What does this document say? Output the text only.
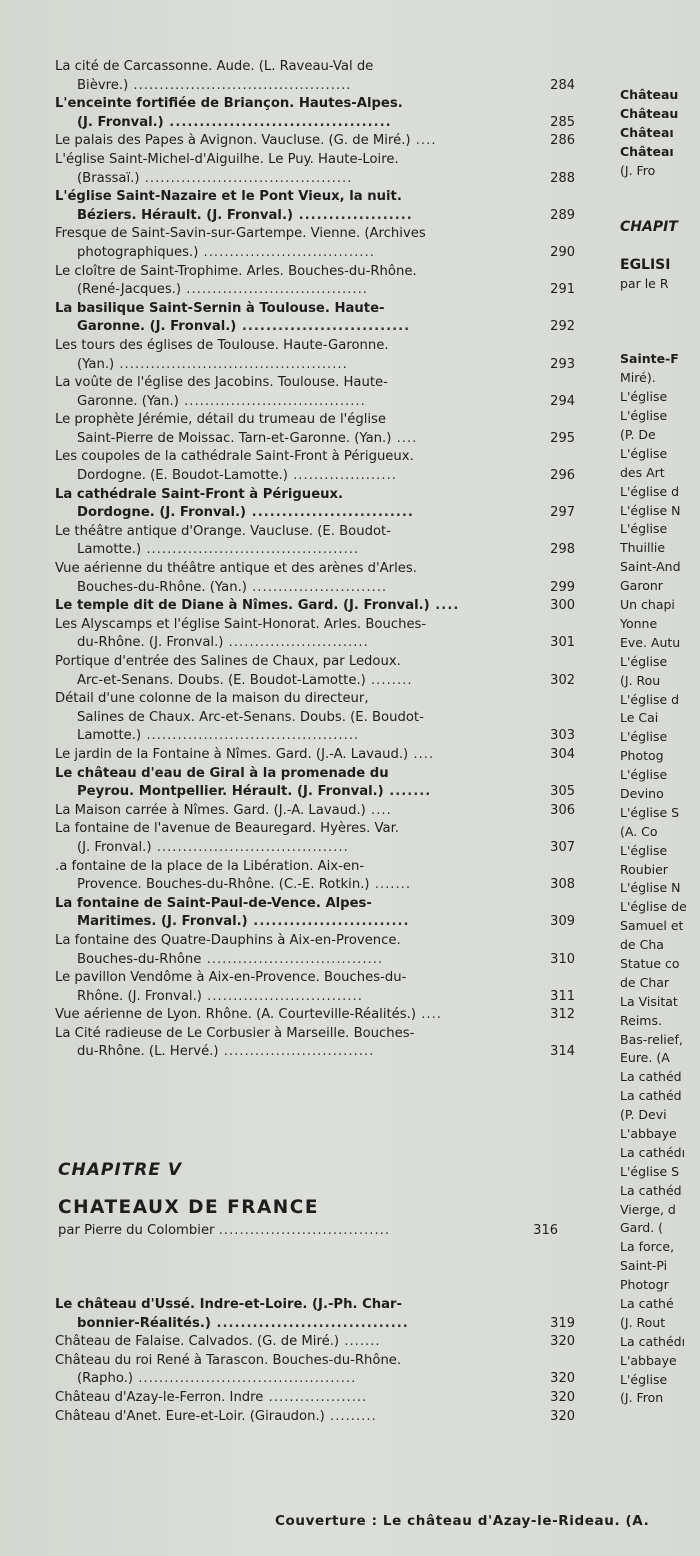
La cité de Carcassonne. Aude. (L. Raveau-Val de
Bièvre.) ..........................................	284
L'enceinte fortifiée de Briançon. Hautes-Alpes.
(J. Fronval.) .....................................	285
Le palais des Papes à Avignon. Vaucluse. (G. de Miré.) ....	286
L'église Saint-Michel-d'Aiguilhe. Le Puy. Haute-Loire.
(Brassaï.) ........................................	288
L'église Saint-Nazaire et le Pont Vieux, la nuit.
Béziers. Hérault. (J. Fronval.) ...................	289
Fresque de Saint-Savin-sur-Gartempe. Vienne. (Archives
photographiques.) .................................	290
Le cloître de Saint-Trophime. Arles. Bouches-du-Rhône.
(René-Jacques.) ...................................	291
La basilique Saint-Sernin à Toulouse. Haute-
Garonne. (J. Fronval.) ............................	292
Les tours des églises de Toulouse. Haute-Garonne.
(Yan.) ............................................	293
La voûte de l'église des Jacobins. Toulouse. Haute-
Garonne. (Yan.) ...................................	294
Le prophète Jérémie, détail du trumeau de l'église
Saint-Pierre de Moissac. Tarn-et-Garonne. (Yan.) ....	295
Les coupoles de la cathédrale Saint-Front à Périgueux.
Dordogne. (E. Boudot-Lamotte.) ....................	296
La cathédrale Saint-Front à Périgueux.
Dordogne. (J. Fronval.) ...........................	297
Le théâtre antique d'Orange. Vaucluse. (E. Boudot-
Lamotte.) .........................................	298
Vue aérienne du théâtre antique et des arènes d'Arles.
Bouches-du-Rhône. (Yan.) ..........................	299
Le temple dit de Diane à Nîmes. Gard. (J. Fronval.) ....	300
Les Alyscamps et l'église Saint-Honorat. Arles. Bouches-
du-Rhône. (J. Fronval.) ...........................	301
Portique d'entrée des Salines de Chaux, par Ledoux.
Arc-et-Senans. Doubs. (E. Boudot-Lamotte.) ........	302
Détail d'une colonne de la maison du directeur,
Salines de Chaux. Arc-et-Senans. Doubs. (E. Boudot-
Lamotte.) .........................................	303
Le jardin de la Fontaine à Nîmes. Gard. (J.-A. Lavaud.) ....	304
Le château d'eau de Giral à la promenade du
Peyrou. Montpellier. Hérault. (J. Fronval.) .......	305
La Maison carrée à Nîmes. Gard. (J.-A. Lavaud.) ....	306
La fontaine de l'avenue de Beauregard. Hyères. Var.
(J. Fronval.) .....................................	307
.a fontaine de la place de la Libération. Aix-en-
Provence. Bouches-du-Rhône. (C.-E. Rotkin.) .......	308
La fontaine de Saint-Paul-de-Vence. Alpes-
Maritimes. (J. Fronval.) ..........................	309
La fontaine des Quatre-Dauphins à Aix-en-Provence.
Bouches-du-Rhône ..................................	310
Le pavillon Vendôme à Aix-en-Provence. Bouches-du-
Rhône. (J. Fronval.) ..............................	311
Vue aérienne de Lyon. Rhône. (A. Courteville-Réalités.) ....	312
La Cité radieuse de Le Corbusier à Marseille. Bouches-
du-Rhône. (L. Hervé.) .............................	314
CHAPITRE V
CHATEAUX DE FRANCE
par Pierre du Colombier .................................	316
Le château d'Ussé. Indre-et-Loire. (J.-Ph. Char-
bonnier-Réalités.) ................................	319
Château de Falaise. Calvados. (G. de Miré.) .......	320
Château du roi René à Tarascon. Bouches-du-Rhône.
(Rapho.) ..........................................	320
Château d'Azay-le-Ferron. Indre ...................	320
Château d'Anet. Eure-et-Loir. (Giraudon.) .........	320
Château
Château
Châteaı
Châteaı
(J. Fro
CHAPIT
EGLISI
par le R
Sainte-F
Miré).
L'église
L'église
(P. De
L'église
des Art
L'église d
L'église N
L'église
Thuillie
Saint-And
Garonr
Un chapi
Yonne
Eve. Autu
L'église
(J. Rou
L'église d
Le Cai
L'église
Photog
L'église
Devino
L'église S
(A. Co
L'église
Roubier
L'église N
L'église de
Samuel et
de Cha
Statue co
de Char
La Visitat
Reims.
Bas-relief,
Eure. (A
La cathéd
La cathéd
(P. Devi
L'abbaye
La cathédı
L'église S
La cathéd
Vierge, d
Gard. (
La force,
Saint-Pi
Photogr
La cathé
(J. Rout
La cathédı
L'abbaye
L'église
(J. Fron
Couverture : Le château d'Azay-le-Rideau. (A.
